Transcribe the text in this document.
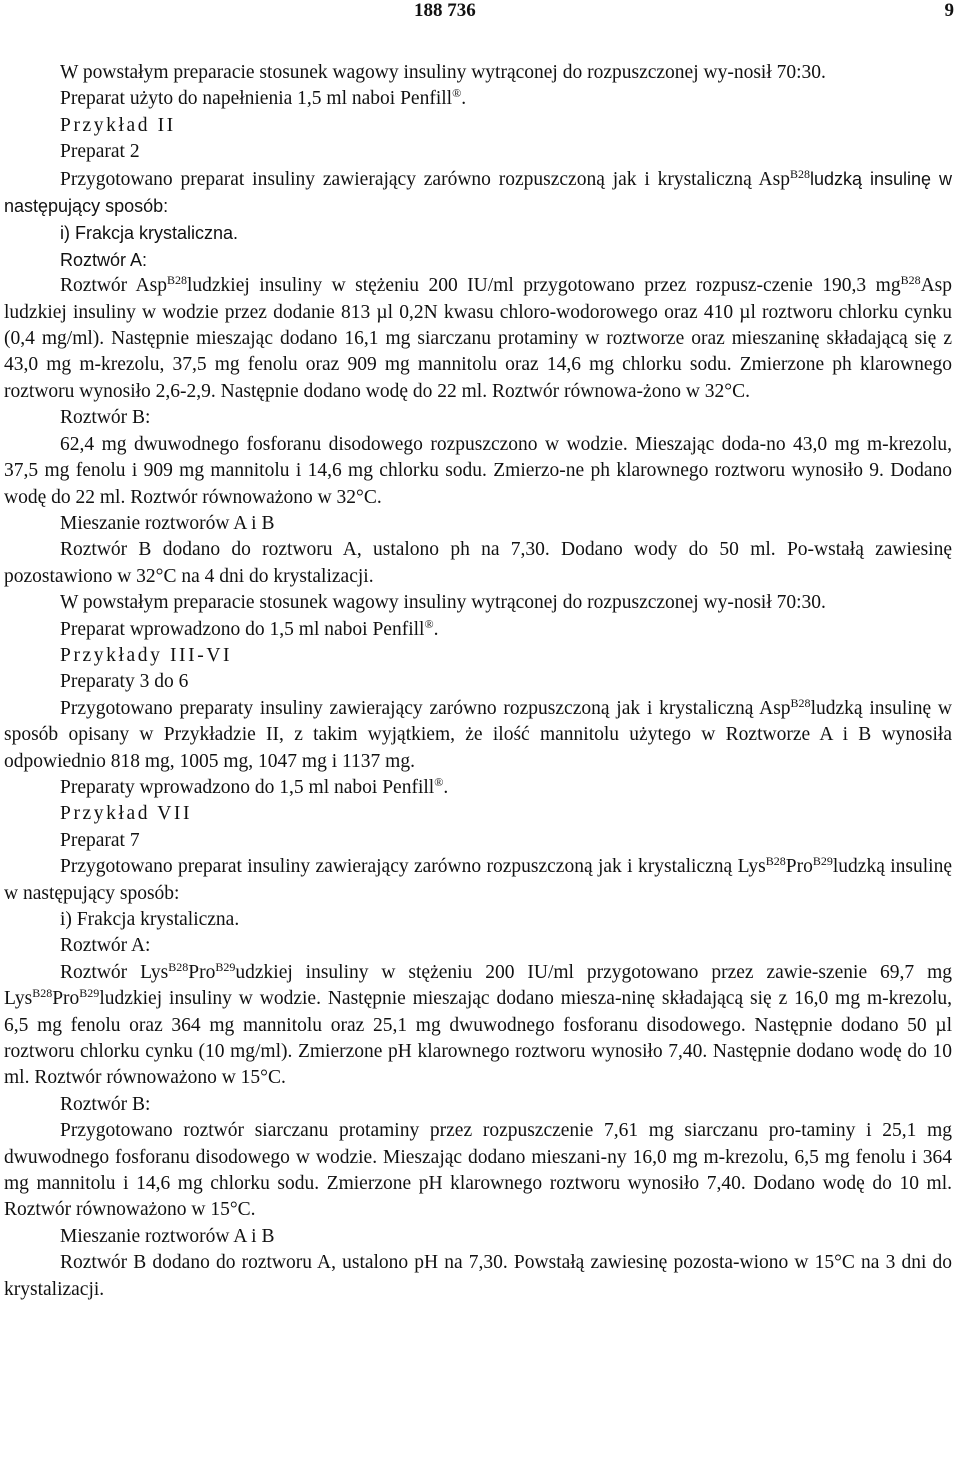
188 736	9

W powstałym preparacie stosunek wagowy insuliny wytrąconej do rozpuszczonej wy-nosił 70:30.

Preparat użyto do napełnienia 1,5 ml naboi Penfill®.

Przykład II

Preparat 2

Przygotowano preparat insuliny zawierający zarówno rozpuszczoną jak i krystaliczną Asp$^{B28}$ludzką insulinę w następujący sposób:

i) Frakcja krystaliczna.

Roztwór A:

Roztwór Asp$^{B28}$ludzkiej insuliny w stężeniu 200 IU/ml przygotowano przez rozpusz-czenie 190,3 $mg^{B28}Asp$ ludzkiej insuliny w wodzie przez dodanie 813 µl 0,2N kwasu chloro-wodorowego oraz 410 µl roztworu chlorku cynku (0,4 mg/ml). Następnie mieszając dodano 16,1 mg siarczanu protaminy w roztworze oraz mieszaninę składającą się z 43,0 mg m-krezolu, 37,5 mg fenolu oraz 909 mg mannitolu oraz 14,6 mg chlorku sodu. Zmierzone ph klarownego roztworu wynosiło 2,6-2,9. Następnie dodano wodę do 22 ml. Roztwór równowa-żono w 32°C.

Roztwór B:

62,4 mg dwuwodnego fosforanu disodowego rozpuszczono w wodzie. Mieszając doda-no 43,0 mg m-krezolu, 37,5 mg fenolu i 909 mg mannitolu i 14,6 mg chlorku sodu. Zmierzo-ne ph klarownego roztworu wynosiło 9. Dodano wodę do 22 ml. Roztwór równoważono w 32°C.

Mieszanie roztworów A i B

Roztwór B dodano do roztworu A, ustalono ph na 7,30. Dodano wody do 50 ml. Po-wstałą zawiesinę pozostawiono w 32°C na 4 dni do krystalizacji.

W powstałym preparacie stosunek wagowy insuliny wytrąconej do rozpuszczonej wy-nosił 70:30.

Preparat wprowadzono do 1,5 ml naboi Penfill®.

Przykłady III-VI

Preparaty 3 do 6

Przygotowano preparaty insuliny zawierający zarówno rozpuszczoną jak i krystaliczną Asp$^{B28}$ludzką insulinę w sposób opisany w Przykładzie II, z takim wyjątkiem, że ilość mannitolu użytego w Roztworze A i B wynosiła odpowiednio 818 mg, 1005 mg, 1047 mg i 1137 mg.

Preparaty wprowadzono do 1,5 ml naboi Penfill®.

Przykład VII

Preparat 7

Przygotowano preparat insuliny zawierający zarówno rozpuszczoną jak i krystaliczną Lys$^{B28}$Pro$^{B29}$ludzką insulinę w następujący sposób:

i) Frakcja krystaliczna.

Roztwór A:

Roztwór Lys$^{B28}$Pro$^{B29}$udzkiej insuliny w stężeniu 200 IU/ml przygotowano przez zawie-szenie 69,7 mg Lys$^{B28}$Pro$^{B29}$ludzkiej insuliny w wodzie. Następnie mieszając dodano miesza-ninę składającą się z 16,0 mg m-krezolu, 6,5 mg fenolu oraz 364 mg mannitolu oraz 25,1 mg dwuwodnego fosforanu disodowego. Następnie dodano 50 µl roztworu chlorku cynku (10 mg/ml). Zmierzone pH klarownego roztworu wynosiło 7,40. Następnie dodano wodę do 10 ml. Roztwór równoważono w 15°C.

Roztwór B:

Przygotowano roztwór siarczanu protaminy przez rozpuszczenie 7,61 mg siarczanu pro-taminy i 25,1 mg dwuwodnego fosforanu disodowego w wodzie. Mieszając dodano mieszani-ny 16,0 mg m-krezolu, 6,5 mg fenolu i 364 mg mannitolu i 14,6 mg chlorku sodu. Zmierzone pH klarownego roztworu wynosiło 7,40. Dodano wodę do 10 ml. Roztwór równoważono w 15°C.

Mieszanie roztworów A i B

Roztwór B dodano do roztworu A, ustalono pH na 7,30. Powstałą zawiesinę pozosta-wiono w 15°C na 3 dni do krystalizacji.
